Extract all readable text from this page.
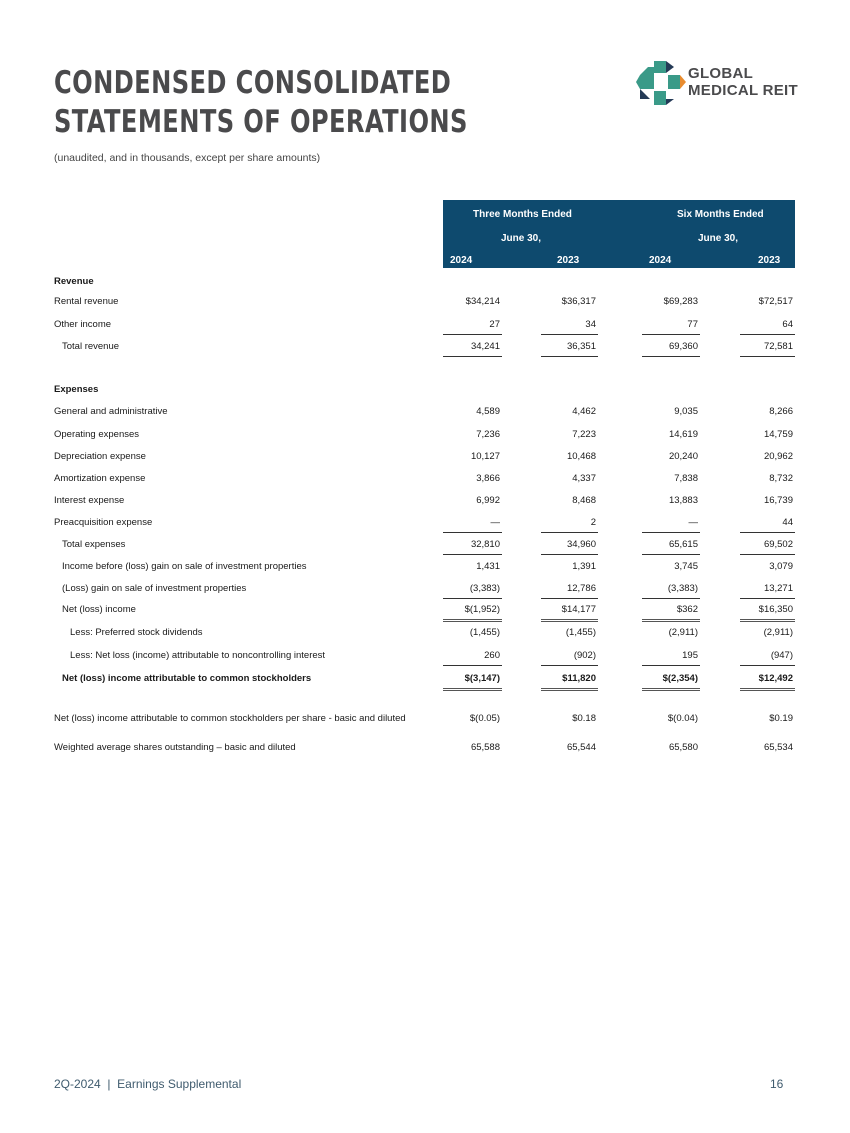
CONDENSED CONSOLIDATED
STATEMENTS OF OPERATIONS
(unaudited, and in thousands, except per share amounts)
GLOBAL
MEDICAL REIT
Three Months Ended
June 30,
Six Months Ended
June 30,
2024	2023	2024	2023
Revenue
Rental revenue	$34,214	$36,317	$69,283	$72,517
Other income	27	34	77	64
Total revenue	34,241	36,351	69,360	72,581
Expenses
General and administrative	4,589	4,462	9,035	8,266
Operating expenses	7,236	7,223	14,619	14,759
Depreciation expense	10,127	10,468	20,240	20,962
Amortization expense	3,866	4,337	7,838	8,732
Interest expense	6,992	8,468	13,883	16,739
Preacquisition expense	—	2	—	44
Total expenses	32,810	34,960	65,615	69,502
Income before (loss) gain on sale of investment properties	1,431	1,391	3,745	3,079
(Loss) gain on sale of investment properties	(3,383)	12,786	(3,383)	13,271
Net (loss) income	$(1,952)	$14,177	$362	$16,350
Less: Preferred stock dividends	(1,455)	(1,455)	(2,911)	(2,911)
Less: Net loss (income) attributable to noncontrolling interest	260	(902)	195	(947)
Net (loss) income attributable to common stockholders	$(3,147)	$11,820	$(2,354)	$12,492
Net (loss) income attributable to common stockholders per share - basic and diluted	$(0.05)	$0.18	$(0.04)	$0.19
Weighted average shares outstanding – basic and diluted	65,588	65,544	65,580	65,534
2Q-2024  |  Earnings Supplemental	16
